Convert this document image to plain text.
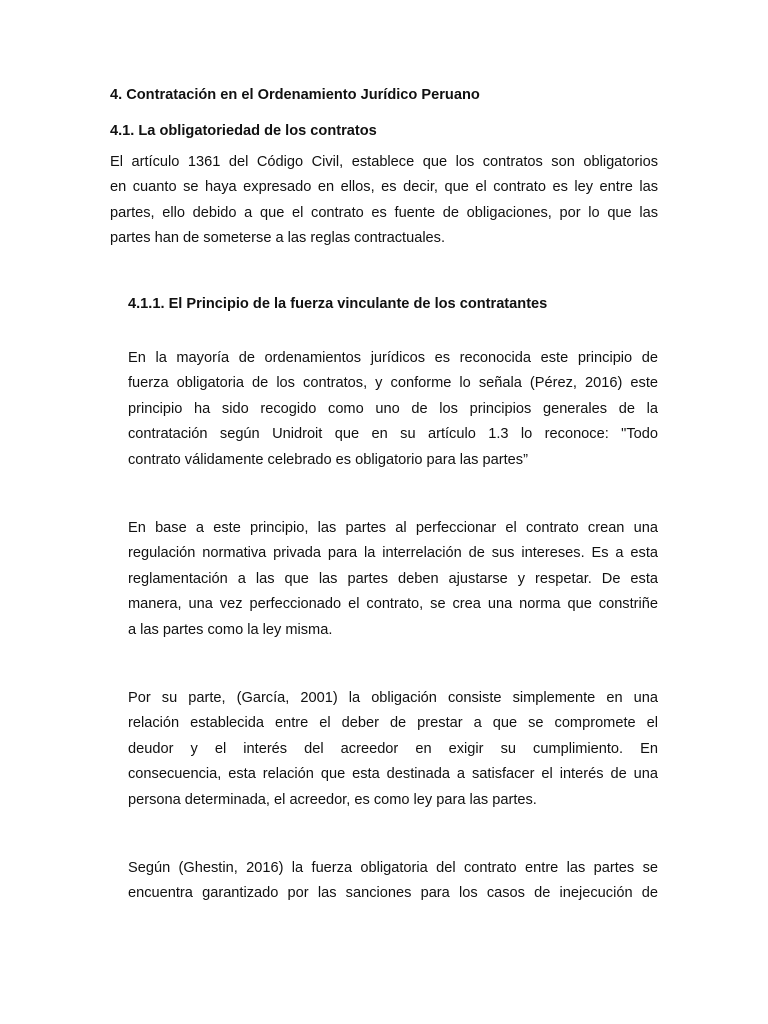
4. Contratación en el Ordenamiento Jurídico Peruano
4.1. La obligatoriedad de los contratos

El artículo 1361 del Código Civil, establece que los contratos son obligatorios
en cuanto se haya expresado en ellos, es decir, que el contrato es ley entre las
partes, ello debido a que el contrato es fuente de obligaciones, por lo que las
partes han de someterse a las reglas contractuales.

4.1.1. El Principio de la fuerza vinculante de los contratantes

En la mayoría de ordenamientos jurídicos es reconocida este principio de
fuerza obligatoria de los contratos, y conforme lo señala (Pérez, 2016) este
principio ha sido recogido como uno de los principios generales de la
contratación según Unidroit que en su artículo 1.3 lo reconoce: "Todo
contrato válidamente celebrado es obligatorio para las partes”

En base a este principio, las partes al perfeccionar el contrato crean una
regulación normativa privada para la interrelación de sus intereses. Es a esta
reglamentación a las que las partes deben ajustarse y respetar. De esta
manera, una vez perfeccionado el contrato, se crea una norma que constriñe
a las partes como la ley misma.

Por su parte, (García, 2001) la obligación consiste simplemente en una
relación establecida entre el deber de prestar a que se compromete el
deudor y el interés del acreedor en exigir su cumplimiento. En
consecuencia, esta relación que esta destinada a satisfacer el interés de una
persona determinada, el acreedor, es como ley para las partes.

Según (Ghestin, 2016) la fuerza obligatoria del contrato entre las partes se
encuentra garantizado por las sanciones para los casos de inejecución de
